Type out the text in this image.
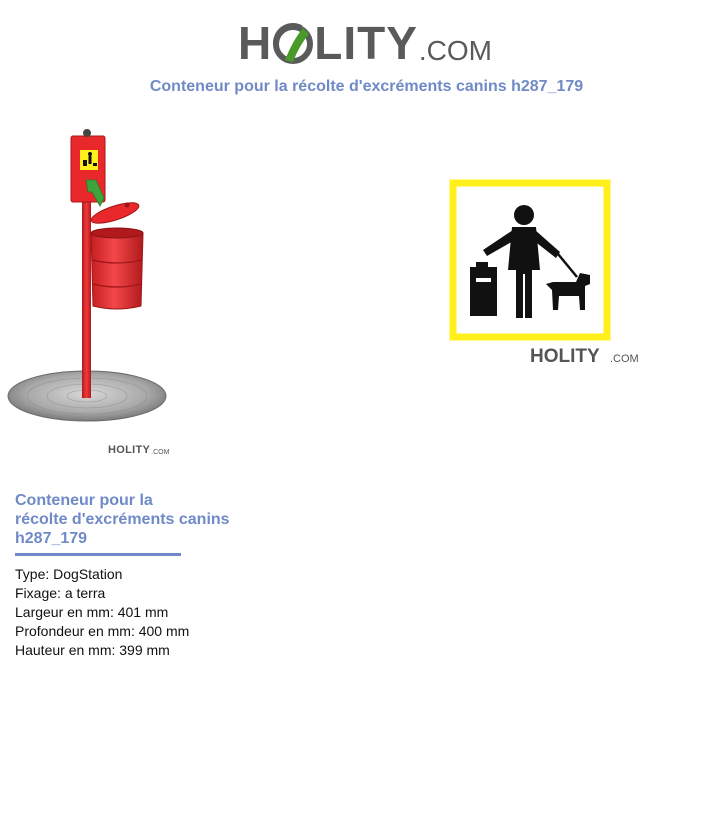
H LITY .COM
Conteneur pour la récolte d'excréments canins h287_179
HOLITY .COM
HOLITY .COM
Conteneur pour la
récolte d'excréments canins
h287_179
Type: DogStation
Fixage: a terra
Largeur en mm: 401 mm
Profondeur en mm: 400 mm
Hauteur en mm: 399 mm
